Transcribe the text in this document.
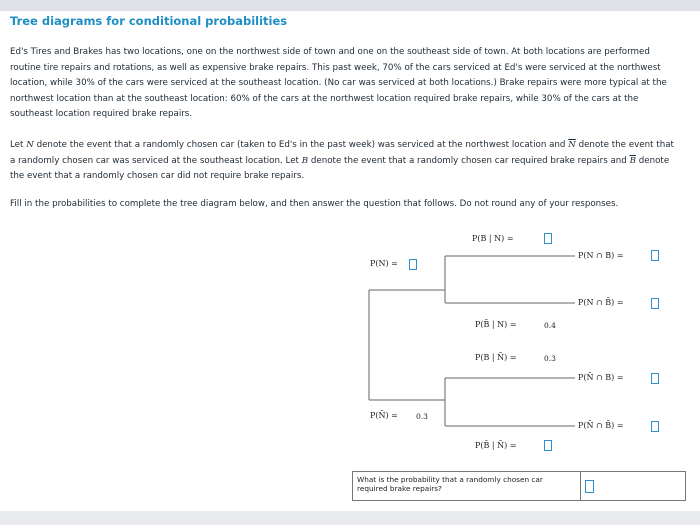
Tree diagrams for conditional probabilities
Ed's Tires and Brakes has two locations, one on the northwest side of town and one on the southeast side of town. At both locations are performed routine tire repairs and rotations, as well as expensive brake repairs. This past week, 70% of the cars serviced at Ed's were serviced at the northwest location, while 30% of the cars were serviced at the southeast location. (No car was serviced at both locations.) Brake repairs were more typical at the northwest location than at the southeast location: 60% of the cars at the northwest location required brake repairs, while 30% of the cars at the southeast location required brake repairs.
Let N denote the event that a randomly chosen car (taken to Ed's in the past week) was serviced at the northwest location and $\overline{N}$ denote the event that a randomly chosen car was serviced at the southeast location. Let B denote the event that a randomly chosen car required brake repairs and $\overline{B}$ denote the event that a randomly chosen car did not require brake repairs.
Fill in the probabilities to complete the tree diagram below, and then answer the question that follows. Do not round any of your responses.
P(N) =
P(N̄) = 0.3
P(B | N) =
P(B̄ | N) =	0.4
P(B | N̄) =	0.3
P(B̄ | N̄) =
P(N ∩ B) =
P(N ∩ B̄) =
P(N̄ ∩ B) =
P(N̄ ∩ B̄) =
What is the probability that a randomly chosen car required brake repairs?
